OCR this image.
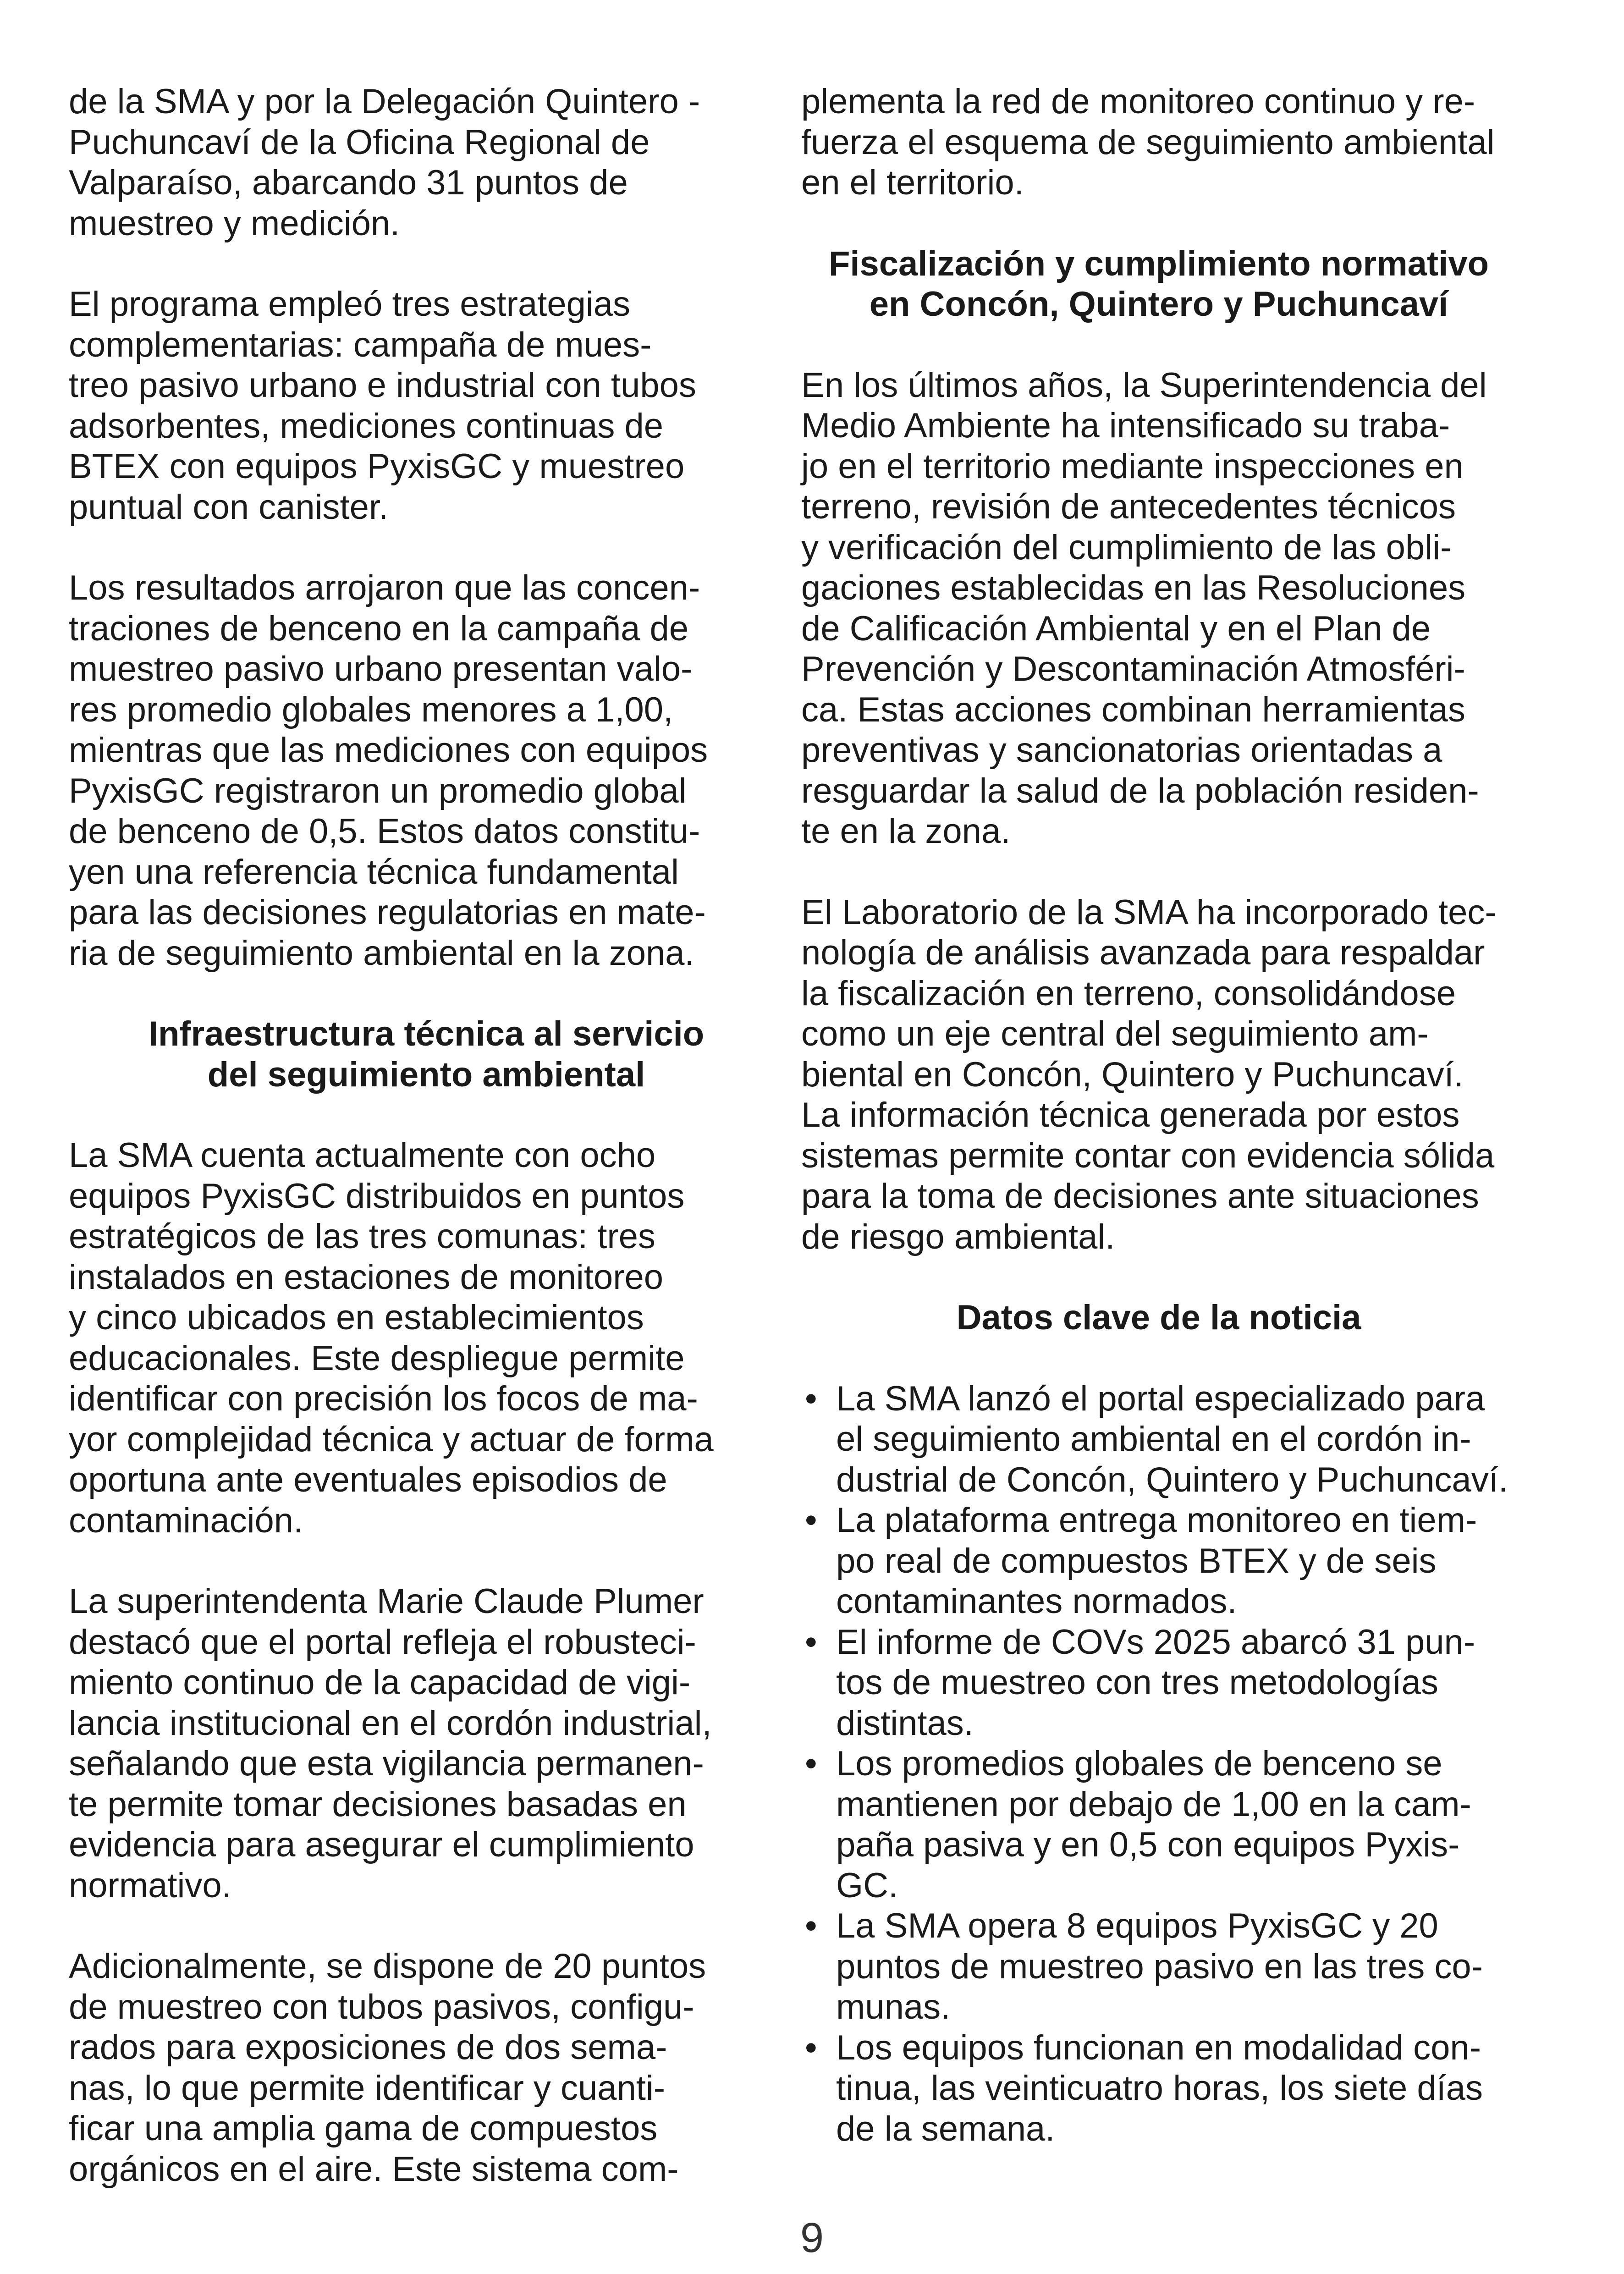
de la SMA y por la Delegación Quintero -
Puchuncaví de la Oficina Regional de
Valparaíso, abarcando 31 puntos de
muestreo y medición.

El programa empleó tres estrategias
complementarias: campaña de mues-
treo pasivo urbano e industrial con tubos
adsorbentes, mediciones continuas de
BTEX con equipos PyxisGC y muestreo
puntual con canister.

Los resultados arrojaron que las concen-
traciones de benceno en la campaña de
muestreo pasivo urbano presentan valo-
res promedio globales menores a 1,00,
mientras que las mediciones con equipos
PyxisGC registraron un promedio global
de benceno de 0,5. Estos datos constitu-
yen una referencia técnica fundamental
para las decisiones regulatorias en mate-
ria de seguimiento ambiental en la zona.

Infraestructura técnica al servicio
del seguimiento ambiental

La SMA cuenta actualmente con ocho
equipos PyxisGC distribuidos en puntos
estratégicos de las tres comunas: tres
instalados en estaciones de monitoreo
y cinco ubicados en establecimientos
educacionales. Este despliegue permite
identificar con precisión los focos de ma-
yor complejidad técnica y actuar de forma
oportuna ante eventuales episodios de
contaminación.

La superintendenta Marie Claude Plumer
destacó que el portal refleja el robusteci-
miento continuo de la capacidad de vigi-
lancia institucional en el cordón industrial,
señalando que esta vigilancia permanen-
te permite tomar decisiones basadas en
evidencia para asegurar el cumplimiento
normativo.

Adicionalmente, se dispone de 20 puntos
de muestreo con tubos pasivos, configu-
rados para exposiciones de dos sema-
nas, lo que permite identificar y cuanti-
ficar una amplia gama de compuestos
orgánicos en el aire. Este sistema com-

plementa la red de monitoreo continuo y re-
fuerza el esquema de seguimiento ambiental
en el territorio.

Fiscalización y cumplimiento normativo
en Concón, Quintero y Puchuncaví

En los últimos años, la Superintendencia del
Medio Ambiente ha intensificado su traba-
jo en el territorio mediante inspecciones en
terreno, revisión de antecedentes técnicos
y verificación del cumplimiento de las obli-
gaciones establecidas en las Resoluciones
de Calificación Ambiental y en el Plan de
Prevención y Descontaminación Atmosféri-
ca. Estas acciones combinan herramientas
preventivas y sancionatorias orientadas a
resguardar la salud de la población residen-
te en la zona.

El Laboratorio de la SMA ha incorporado tec-
nología de análisis avanzada para respaldar
la fiscalización en terreno, consolidándose
como un eje central del seguimiento am-
biental en Concón, Quintero y Puchuncaví.
La información técnica generada por estos
sistemas permite contar con evidencia sólida
para la toma de decisiones ante situaciones
de riesgo ambiental.

Datos clave de la noticia
• La SMA lanzó el portal especializado para
el seguimiento ambiental en el cordón in-
dustrial de Concón, Quintero y Puchuncaví.
• La plataforma entrega monitoreo en tiem-
po real de compuestos BTEX y de seis
contaminantes normados.
• El informe de COVs 2025 abarcó 31 pun-
tos de muestreo con tres metodologías
distintas.
• Los promedios globales de benceno se
mantienen por debajo de 1,00 en la cam-
paña pasiva y en 0,5 con equipos Pyxis-
GC.
• La SMA opera 8 equipos PyxisGC y 20
puntos de muestreo pasivo en las tres co-
munas.
• Los equipos funcionan en modalidad con-
tinua, las veinticuatro horas, los siete días
de la semana.
9
